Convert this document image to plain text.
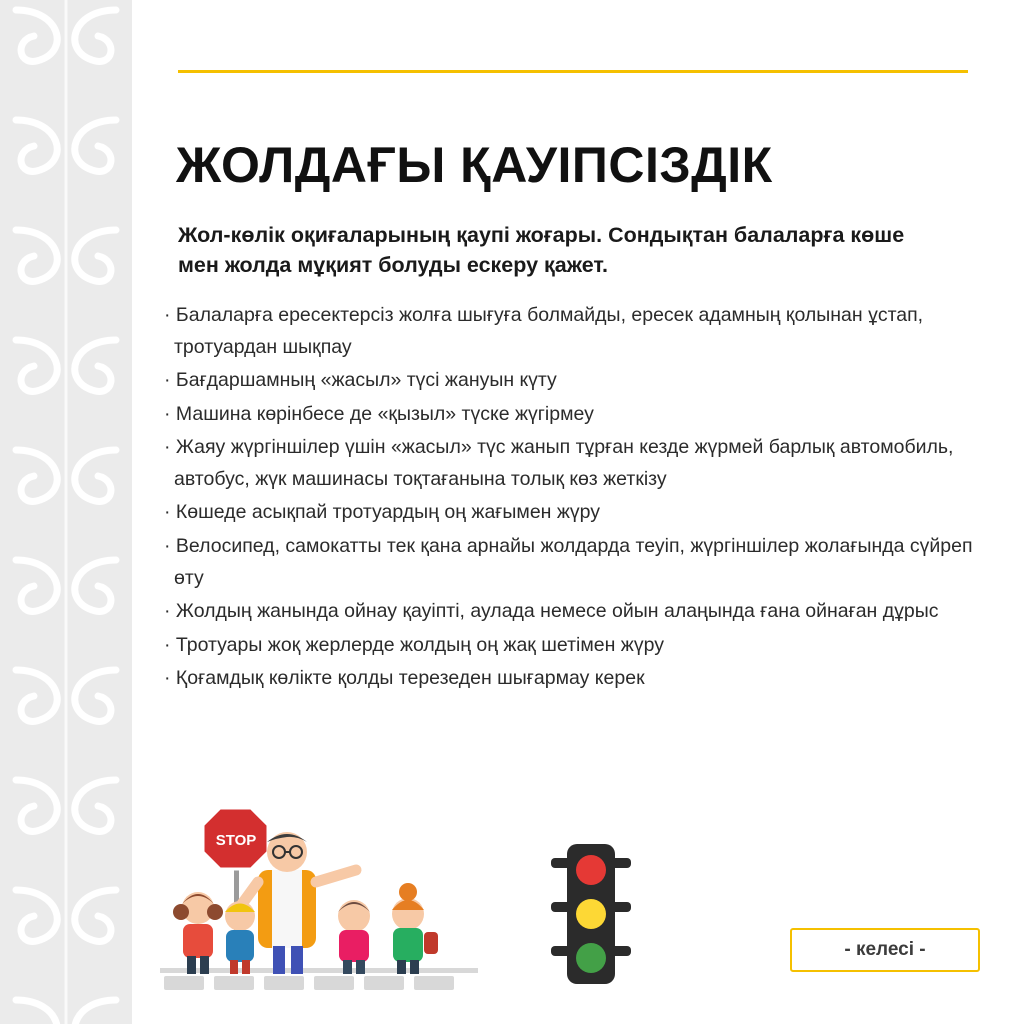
ЖОЛДАҒЫ ҚАУІПСІЗДІК

Жол-көлік оқиғаларының қаупі жоғары. Сондықтан балаларға көше мен жолда мұқият болуды ескеру қажет.

· Балаларға ересектерсіз жолға шығуға болмайды, ересек адамның қолынан ұстап, тротуардан шықпау
· Бағдаршамның «жасыл» түсі жануын күту
· Машина көрінбесе де «қызыл» түске жүгірмеу
· Жаяу жүргіншілер үшін «жасыл» түс жанып тұрған кезде жүрмей барлық автомобиль, автобус, жүк машинасы тоқтағанына толық көз жеткізу
· Көшеде асықпай тротуардың оң жағымен жүру
· Велосипед, самокатты тек қана арнайы жолдарда теуіп, жүргіншілер жолағында сүйреп өту
· Жолдың жанында ойнау қауіпті, аулада немесе ойын алаңында ғана ойнаған дұрыс
· Тротуары жоқ жерлерде жолдың оң жақ шетімен жүру
· Қоғамдық көлікте қолды терезеден шығармау керек
STOP
- келесі -
